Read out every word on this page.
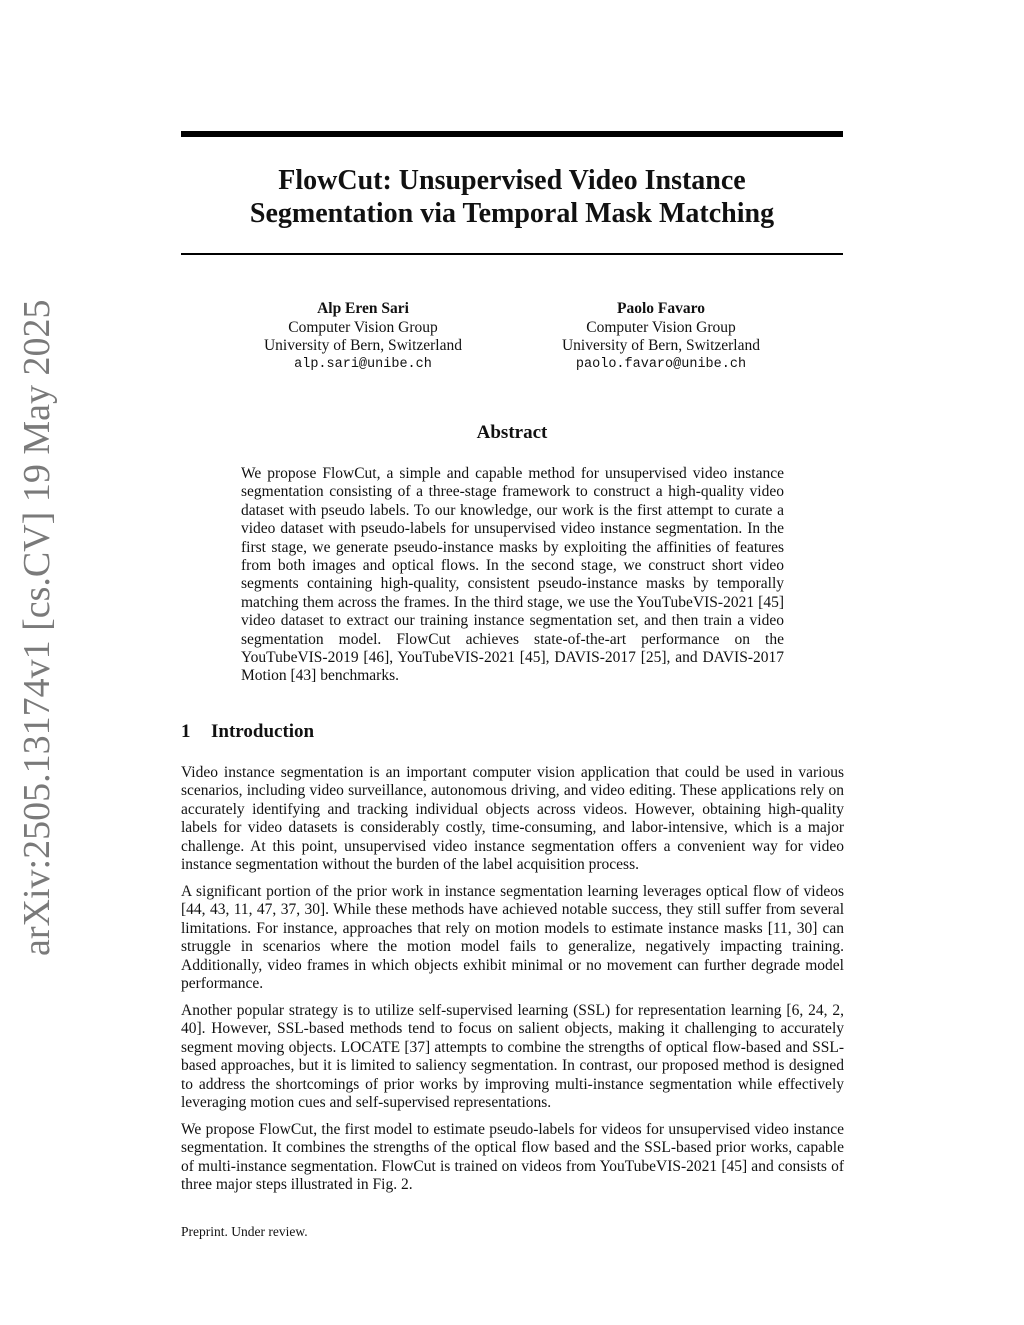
arXiv:2505.13174v1 [cs.CV] 19 May 2025
FlowCut: Unsupervised Video Instance
Segmentation via Temporal Mask Matching
Alp Eren Sari
Computer Vision Group
University of Bern, Switzerland
alp.sari@unibe.ch
Paolo Favaro
Computer Vision Group
University of Bern, Switzerland
paolo.favaro@unibe.ch
Abstract

We propose FlowCut, a simple and capable method for unsupervised video instance segmentation consisting of a three-stage framework to construct a high-quality video dataset with pseudo labels. To our knowledge, our work is the first attempt to curate a video dataset with pseudo-labels for unsupervised video instance segmentation. In the first stage, we generate pseudo-instance masks by exploiting the affinities of features from both images and optical flows. In the second stage, we construct short video segments containing high-quality, consistent pseudo-instance masks by temporally matching them across the frames. In the third stage, we use the YouTubeVIS-2021 [45] video dataset to extract our training instance segmentation set, and then train a video segmentation model. FlowCut achieves state-of-the-art performance on the YouTubeVIS-2019 [46], YouTubeVIS-2021 [45], DAVIS-2017 [25], and DAVIS-2017 Motion [43] benchmarks.

1 Introduction

Video instance segmentation is an important computer vision application that could be used in various scenarios, including video surveillance, autonomous driving, and video editing. These applications rely on accurately identifying and tracking individual objects across videos. However, obtaining high-quality labels for video datasets is considerably costly, time-consuming, and labor-intensive, which is a major challenge. At this point, unsupervised video instance segmentation offers a convenient way for video instance segmentation without the burden of the label acquisition process.

A significant portion of the prior work in instance segmentation learning leverages optical flow of videos [44, 43, 11, 47, 37, 30]. While these methods have achieved notable success, they still suffer from several limitations. For instance, approaches that rely on motion models to estimate instance masks [11, 30] can struggle in scenarios where the motion model fails to generalize, negatively impacting training. Additionally, video frames in which objects exhibit minimal or no movement can further degrade model performance.

Another popular strategy is to utilize self-supervised learning (SSL) for representation learning [6, 24, 2, 40]. However, SSL-based methods tend to focus on salient objects, making it challenging to accurately segment moving objects. LOCATE [37] attempts to combine the strengths of optical flow-based and SSL-based approaches, but it is limited to saliency segmentation. In contrast, our proposed method is designed to address the shortcomings of prior works by improving multi-instance segmentation while effectively leveraging motion cues and self-supervised representations.

We propose FlowCut, the first model to estimate pseudo-labels for videos for unsupervised video instance segmentation. It combines the strengths of the optical flow based and the SSL-based prior works, capable of multi-instance segmentation. FlowCut is trained on videos from YouTubeVIS-2021 [45] and consists of three major steps illustrated in Fig. 2.

Preprint. Under review.
